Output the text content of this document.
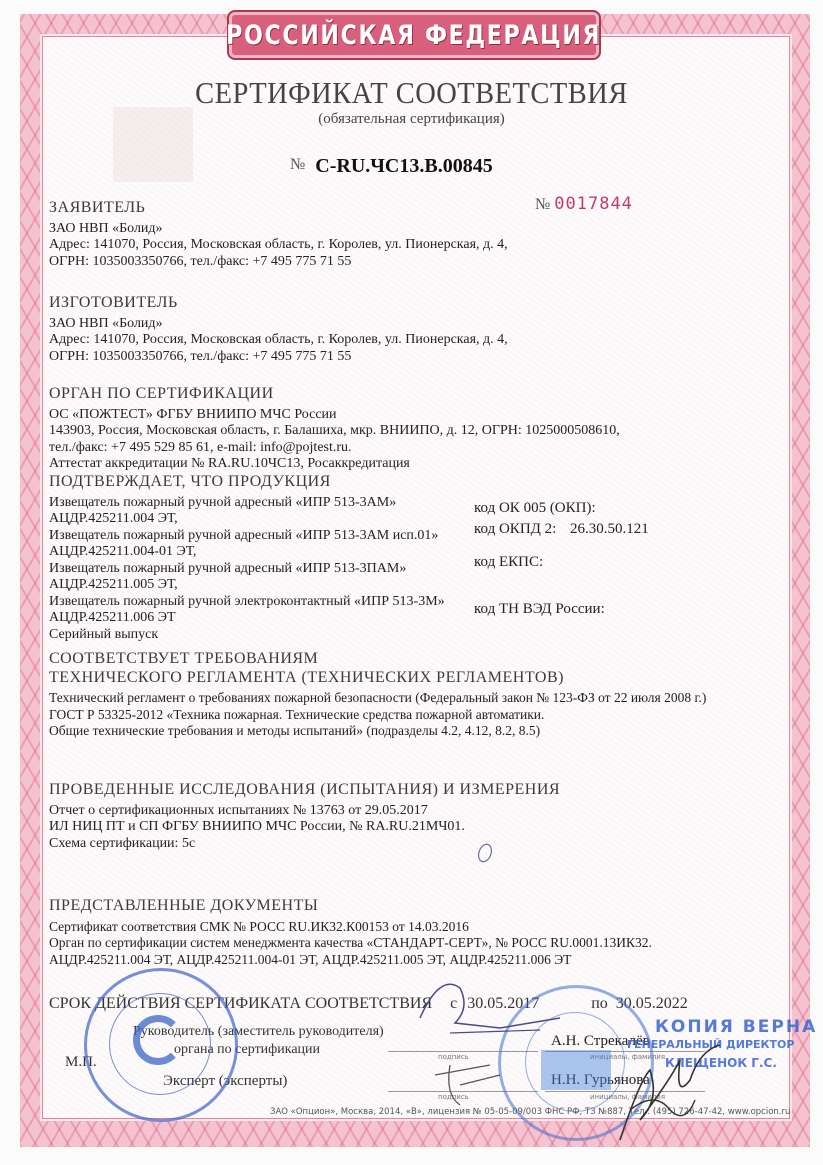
РОССИЙСКАЯ ФЕДЕРАЦИЯ
СЕРТИФИКАТ СООТВЕТСТВИЯ
(обязательная сертификация)
№ C-RU.ЧС13.В.00845
№ 0017844
ЗАЯВИТЕЛЬ

ЗАО НВП «Болид»

Адрес: 141070, Россия, Московская область, г. Королев, ул. Пионерская, д. 4,

ОГРН: 1035003350766, тел./факс: +7 495 775 71 55

ИЗГОТОВИТЕЛЬ

ЗАО НВП «Болид»

Адрес: 141070, Россия, Московская область, г. Королев, ул. Пионерская, д. 4,

ОГРН: 1035003350766, тел./факс: +7 495 775 71 55

ОРГАН ПО СЕРТИФИКАЦИИ

ОС «ПОЖТЕСТ» ФГБУ ВНИИПО МЧС России

143903, Россия, Московская область, г. Балашиха, мкр. ВНИИПО, д. 12, ОГРН: 1025000508610,

тел./факс: +7 495 529 85 61, e-mail: info@pojtest.ru.

Аттестат аккредитации № RA.RU.10ЧС13, Росаккредитация

ПОДТВЕРЖДАЕТ, ЧТО ПРОДУКЦИЯ

Извещатель пожарный ручной адресный «ИПР 513-3АМ»

АЦДР.425211.004 ЭТ,

Извещатель пожарный ручной адресный «ИПР 513-3АМ исп.01»

АЦДР.425211.004-01 ЭТ,

Извещатель пожарный ручной адресный «ИПР 513-3ПАМ»

АЦДР.425211.005 ЭТ,

Извещатель пожарный ручной электроконтактный «ИПР 513-3М»

АЦДР.425211.006 ЭТ

Серийный выпуск

код ОК 005 (ОКП):
код ОКПД 2: 26.30.50.121
код ЕКПС:
код ТН ВЭД России:
СООТВЕТСТВУЕТ ТРЕБОВАНИЯМ
ТЕХНИЧЕСКОГО РЕГЛАМЕНТА (ТЕХНИЧЕСКИХ РЕГЛАМЕНТОВ)

Технический регламент о требованиях пожарной безопасности (Федеральный закон № 123-ФЗ от 22 июля 2008 г.)

ГОСТ Р 53325-2012 «Техника пожарная. Технические средства пожарной автоматики.

Общие технические требования и методы испытаний» (подразделы 4.2, 4.12, 8.2, 8.5)

ПРОВЕДЕННЫЕ ИССЛЕДОВАНИЯ (ИСПЫТАНИЯ) И ИЗМЕРЕНИЯ

Отчет о сертификационных испытаниях № 13763 от 29.05.2017

ИЛ НИЦ ПТ и СП ФГБУ ВНИИПО МЧС России, № RA.RU.21МЧ01.

Схема сертификации: 5с

ПРЕДСТАВЛЕННЫЕ ДОКУМЕНТЫ

Сертификат соответствия СМК № РОСС RU.ИК32.К00153 от 14.03.2016

Орган по сертификации систем менеджмента качества «СТАНДАРТ-СЕРТ», № РОСС RU.0001.13ИК32.

АЦДР.425211.004 ЭТ, АЦДР.425211.004-01 ЭТ, АЦДР.425211.005 ЭТ, АЦДР.425211.006 ЭТ

СРОК ДЕЙСТВИЯ СЕРТИФИКАТА СООТВЕТСТВИЯ с 30.05.2017	по 30.05.2022
Руководитель (заместитель руководителя)
органа по сертификации
М.П.
Эксперт (эксперты)
подпись
подпись
А.Н. Стрекалёв
инициалы, фамилия
Н.Н. Гурьянова
инициалы, фамилия
ЗАО «Опцион», Москва, 2014, «В», лицензия № 05-05-09/003 ФНС РФ, ТЗ №887, Тел.: (495) 726-47-42, www.opcion.ru
КОПИЯ ВЕРНА
ГЕНЕРАЛЬНЫЙ ДИРЕКТОР
КЛЕЩЕНОК Г.С.
